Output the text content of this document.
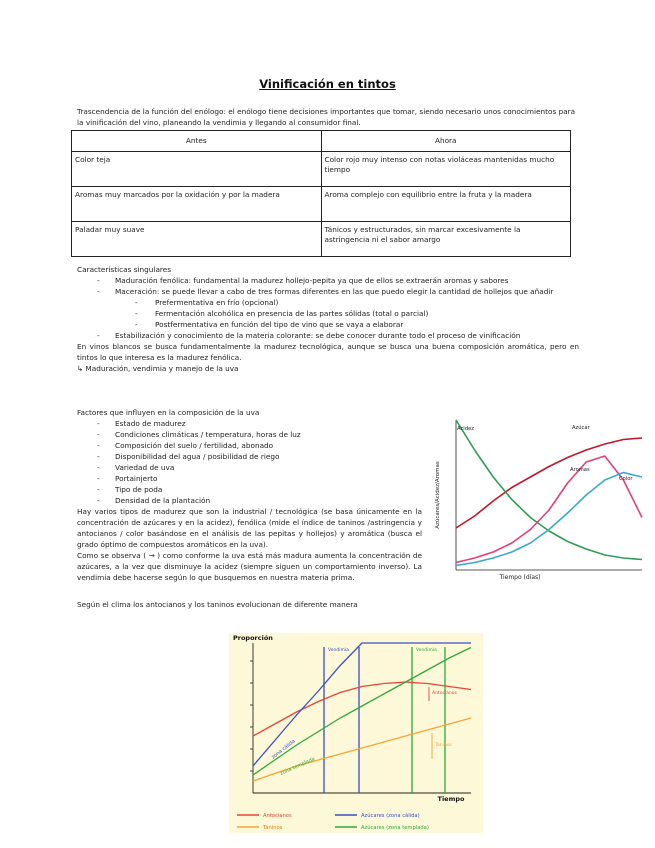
Vinificación en tintos
Trascendencia de la función del enólogo: el enólogo tiene decisiones importantes que tomar, siendo necesario unos conocimientos para la vinificación del vino, planeando la vendimia y llegando al consumidor final.
Antes	Ahora
Color teja	Color rojo muy intenso con notas violáceas mantenidas mucho tiempo
Aromas muy marcados por la oxidación y por la madera	Aroma complejo con equilibrio entre la fruta y la madera
Paladar muy suave	Tánicos y estructurados, sin marcar excesivamente la astringencia ni el sabor amargo
Características singulares
- Maduración fenólica: fundamental la madurez hollejo-pepita ya que de ellos se extraerán aromas y sabores
- Maceración: se puede llevar a cabo de tres formas diferentes en las que puedo elegir la cantidad de hollejos que añadir
- Prefermentativa en frío (opcional)
- Fermentación alcohólica en presencia de las partes sólidas (total o parcial)
- Postfermentativa en función del tipo de vino que se vaya a elaborar
- Estabilización y conocimiento de la materia colorante: se debe conocer durante todo el proceso de vinificación
En vinos blancos se busca fundamentalmente la madurez tecnológica, aunque se busca una buena composición aromática, pero en tintos lo que interesa es la madurez fenólica.
↳ Maduración, vendimia y manejo de la uva
Factores que influyen en la composición de la uva
- Estado de madurez
- Condiciones climáticas / temperatura, horas de luz
- Composición del suelo / fertilidad, abonado
- Disponibilidad del agua / posibilidad de riego
- Variedad de uva
- Portainjerto
- Tipo de poda
- Densidad de la plantación
Hay varios tipos de madurez que son la industrial / tecnológica (se basa únicamente en la concentración de azúcares y en la acidez), fenólica (mide el índice de taninos /astringencia y antocianos / color basándose en el análisis de las pepitas y hollejos) y aromática (busca el grado óptimo de compuestos aromáticos en la uva).
Como se observa ( → ) como conforme la uva está más madura aumenta la concentración de azúcares, a la vez que disminuye la acidez (siempre siguen un comportamiento inverso). La vendimia debe hacerse según lo que busquemos en nuestra materia prima.
Según el clima los antocianos y los taninos evolucionan de diferente manera
Azúcares/Acidez/Aromas
Tiempo (días)
Azúcar
Acidez
Aromas
Color
Proporción
Tiempo
Vendimia	Vendimia
zona cálida
zona templada
Antocianos
Taninos
Antocianos
Taninos
Azúcares (zona cálida)
Azúcares (zona templada)
